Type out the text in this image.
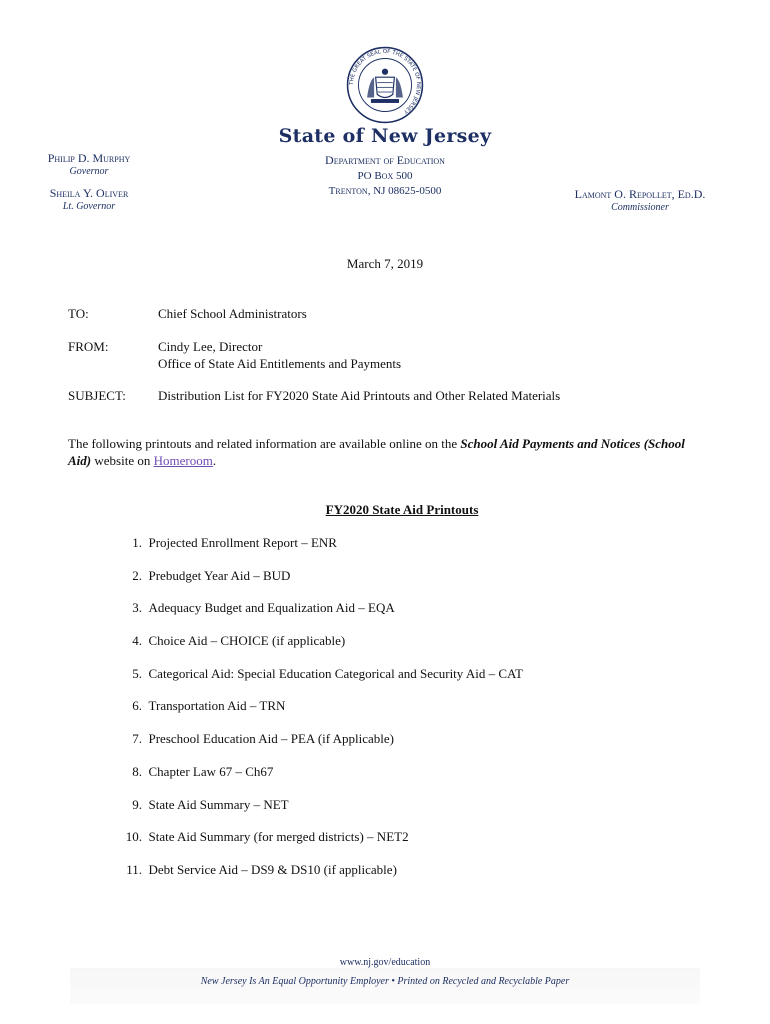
THE GREAT SEAL OF THE STATE OF NEW JERSEY
State of New Jersey
Department of Education
PO Box 500
Trenton, NJ 08625-0500
Philip D. Murphy
Governor
Sheila Y. Oliver
Lt. Governor
Lamont O. Repollet, Ed.D.
Commissioner
March 7, 2019
TO:	Chief School Administrators
FROM:	Cindy Lee, Director
Office of State Aid Entitlements and Payments
SUBJECT: Distribution List for FY2020 State Aid Printouts and Other Related Materials
The following printouts and related information are available online on the School Aid Payments and Notices (School Aid) website on Homeroom.
FY2020 State Aid Printouts
1. Projected Enrollment Report – ENR
2. Prebudget Year Aid – BUD
3. Adequacy Budget and Equalization Aid – EQA
4. Choice Aid – CHOICE (if applicable)
5. Categorical Aid: Special Education Categorical and Security Aid – CAT
6. Transportation Aid – TRN
7. Preschool Education Aid – PEA (if Applicable)
8. Chapter Law 67 – Ch67
9. State Aid Summary – NET
10. State Aid Summary (for merged districts) – NET2
11. Debt Service Aid – DS9 & DS10 (if applicable)
www.nj.gov/education
New Jersey Is An Equal Opportunity Employer • Printed on Recycled and Recyclable Paper
